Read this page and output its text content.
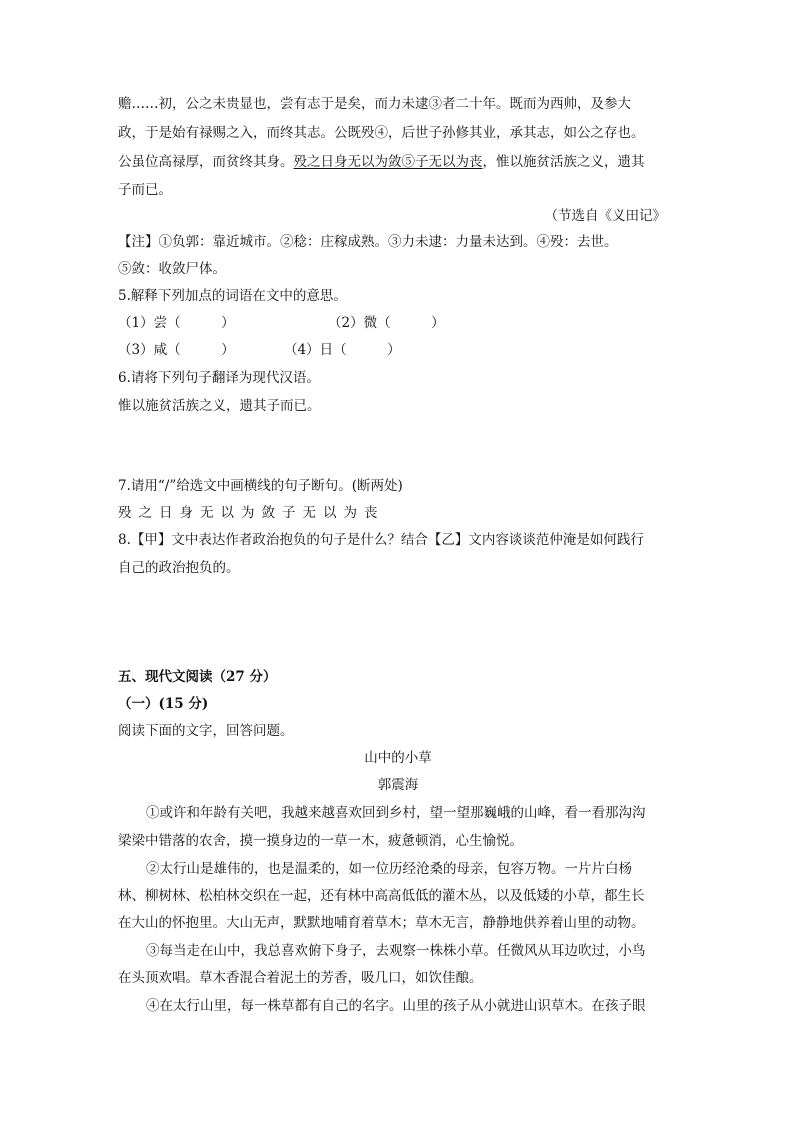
赡……初，公之未贵显也，尝有志于是矣，而力未逮③者二十年。既而为西帅，及参大
政，于是始有禄赐之入，而终其志。公既殁④，后世子孙修其业，承其志，如公之存也。
公虽位高禄厚，而贫终其身。殁之日身无以为敛⑤子无以为丧，惟以施贫活族之义，遗其
子而已。
（节选自《义田记》
【注】①负郭：靠近城市。②稔：庄稼成熟。③力未逮：力量未达到。④殁：去世。
⑤敛：收敛尸体。
5.解释下列加点的词语在文中的意思。
（1）尝（　　　）	（2）微（　　　）
（3）咸（　　　）	（4）日（　　　）
6.请将下列句子翻译为现代汉语。
惟以施贫活族之义，遗其子而已。
7.请用“/”给选文中画横线的句子断句。(断两处)
殁之日身无以为敛子无以为丧
8.【甲】文中表达作者政治抱负的句子是什么？结合【乙】文内容谈谈范仲淹是如何践行
自己的政治抱负的。
五、现代文阅读（27 分）
（一）(15 分)
阅读下面的文字，回答问题。
山中的小草
郭震海
①或许和年龄有关吧，我越来越喜欢回到乡村，望一望那巍峨的山峰，看一看那沟沟
梁梁中错落的农舍，摸一摸身边的一草一木，疲惫顿消，心生愉悦。
②太行山是雄伟的，也是温柔的，如一位历经沧桑的母亲，包容万物。一片片白杨
林、柳树林、松柏林交织在一起，还有林中高高低低的灌木丛，以及低矮的小草，都生长
在大山的怀抱里。大山无声，默默地哺育着草木；草木无言，静静地供养着山里的动物。
③每当走在山中，我总喜欢俯下身子，去观察一株株小草。任微风从耳边吹过，小鸟
在头顶欢唱。草木香混合着泥土的芳香，吸几口，如饮佳酿。
④在太行山里，每一株草都有自己的名字。山里的孩子从小就进山识草木。在孩子眼
